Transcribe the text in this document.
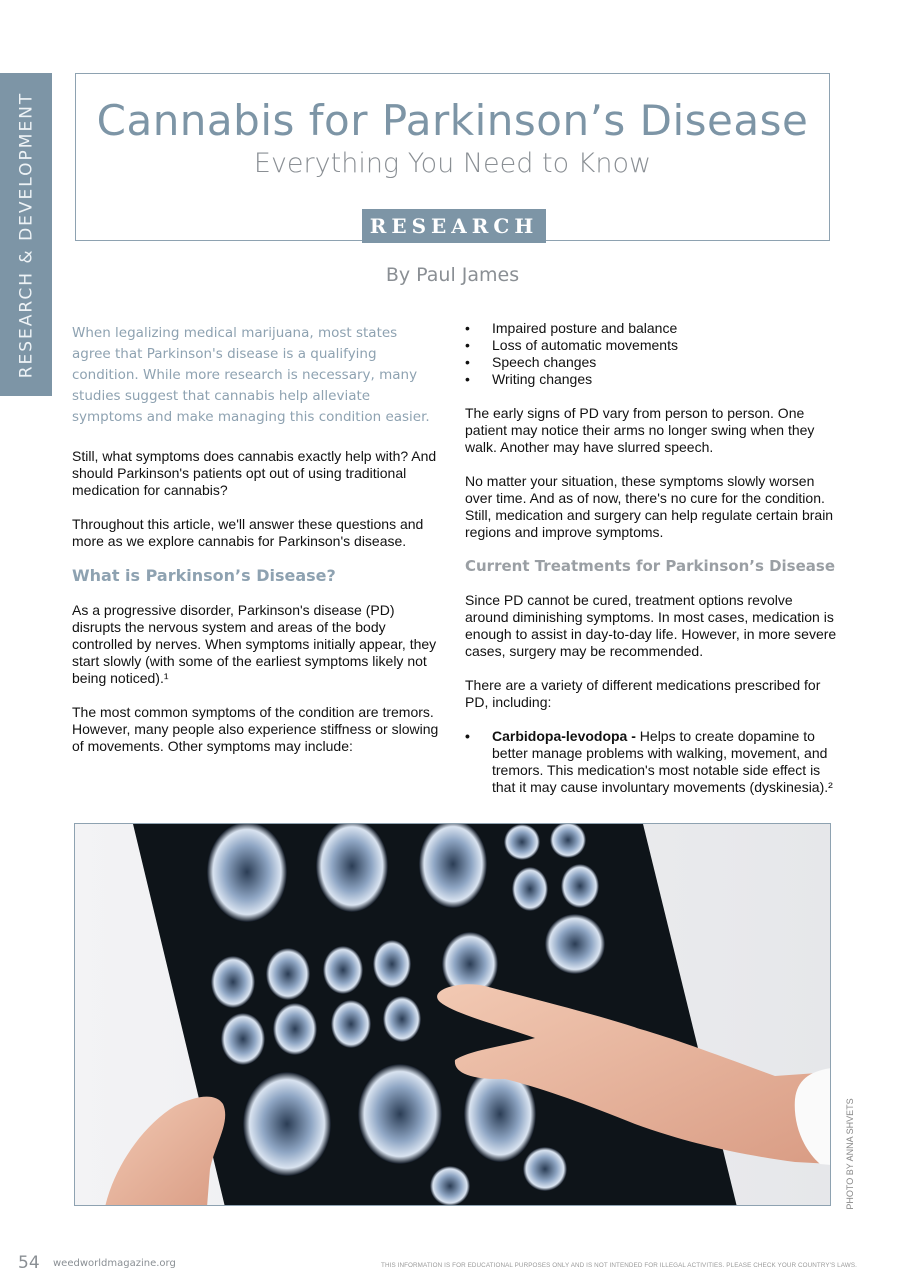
RESEARCH & DEVELOPMENT	Cannabis for Parkinson’s Disease
Everything You Need to Know
RESEARCH
By Paul James

When legalizing medical marijuana, most states agree that Parkinson's disease is a qualifying condition. While more research is necessary, many studies suggest that cannabis help alleviate symptoms and make managing this condition easier.

Still, what symptoms does cannabis exactly help with? And should Parkinson's patients opt out of using traditional medication for cannabis?

Throughout this article, we'll answer these questions and more as we explore cannabis for Parkinson's disease.

What is Parkinson’s Disease?

As a progressive disorder, Parkinson's disease (PD) disrupts the nervous system and areas of the body controlled by nerves. When symptoms initially appear, they start slowly (with some of the earliest symptoms likely not being noticed).¹

The most common symptoms of the condition are tremors. However, many people also experience stiffness or slowing of movements. Other symptoms may include:

• Impaired posture and balance
• Loss of automatic movements
• Speech changes
• Writing changes

The early signs of PD vary from person to person. One patient may notice their arms no longer swing when they walk. Another may have slurred speech.

No matter your situation, these symptoms slowly worsen over time. And as of now, there's no cure for the condition. Still, medication and surgery can help regulate certain brain regions and improve symptoms.

Current Treatments for Parkinson’s Disease

Since PD cannot be cured, treatment options revolve around diminishing symptoms. In most cases, medication is enough to assist in day-to-day life. However, in more severe cases, surgery may be recommended.

There are a variety of different medications prescribed for PD, including:

• Carbidopa-levodopa - Helps to create dopamine to better manage problems with walking, movement, and tremors. This medication's most notable side effect is that it may cause involuntary movements (dyskinesia).²
PHOTO BY ANNA SHVETS
54 weedworldmagazine.org	THIS INFORMATION IS FOR EDUCATIONAL PURPOSES ONLY AND IS NOT INTENDED FOR ILLEGAL ACTIVITIES. PLEASE CHECK YOUR COUNTRY'S LAWS.
